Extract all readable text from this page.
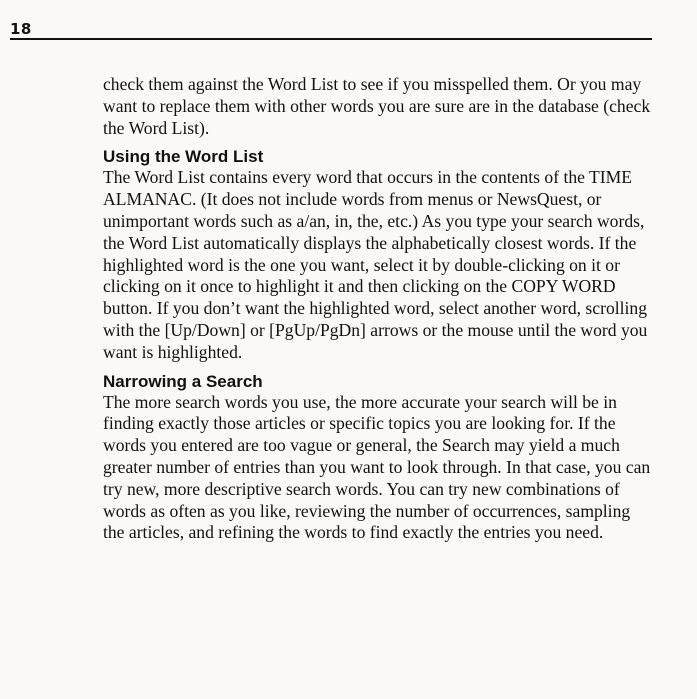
18

check them against the Word List to see if you misspelled them. Or you may want to replace them with other words you are sure are in the database (check the Word List).

Using the Word List

The Word List contains every word that occurs in the contents of the TIME ALMANAC. (It does not include words from menus or NewsQuest, or unimportant words such as a/an, in, the, etc.) As you type your search words, the Word List automatically displays the alphabetically closest words. If the highlighted word is the one you want, select it by double-clicking on it or clicking on it once to highlight it and then clicking on the COPY WORD button. If you don’t want the highlighted word, select another word, scrolling with the [Up/Down] or [PgUp/PgDn] arrows or the mouse until the word you want is highlighted.

Narrowing a Search

The more search words you use, the more accurate your search will be in finding exactly those articles or specific topics you are looking for. If the words you entered are too vague or general, the Search may yield a much greater number of entries than you want to look through. In that case, you can try new, more descriptive search words. You can try new combinations of words as often as you like, reviewing the number of occurrences, sampling the articles, and refining the words to find exactly the entries you need.
